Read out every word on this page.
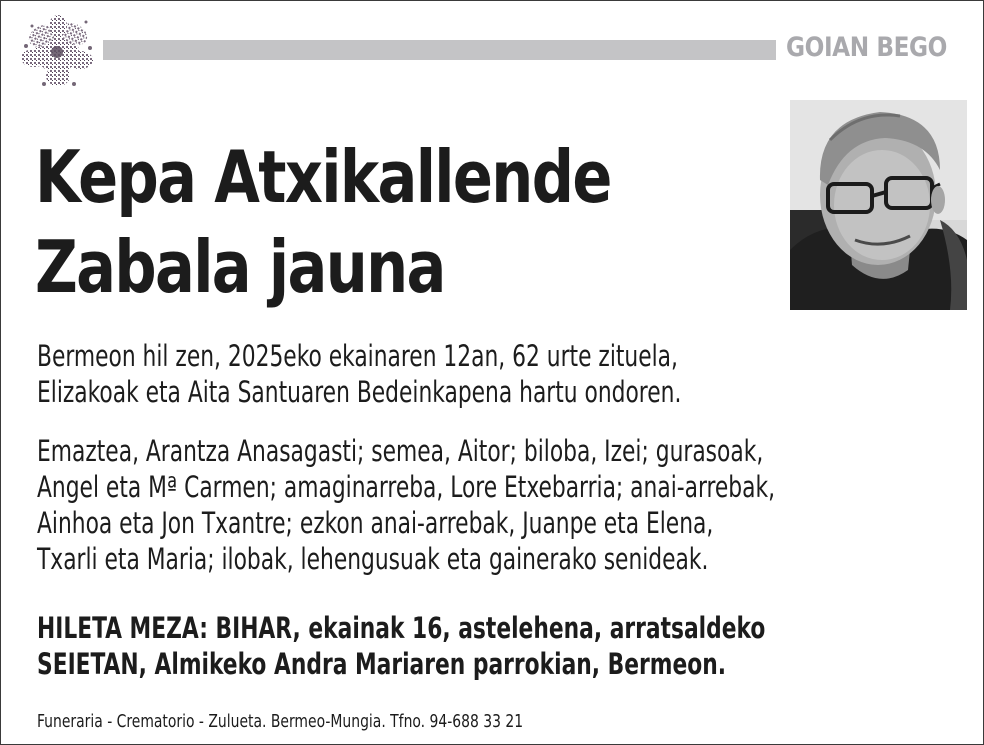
GOIAN BEGO
Kepa Atxikallende
Zabala jauna
Bermeon hil zen, 2025eko ekainaren 12an, 62 urte zituela,
Elizakoak eta Aita Santuaren Bedeinkapena hartu ondoren.
Emaztea, Arantza Anasagasti; semea, Aitor; biloba, Izei; gurasoak,
Angel eta Mª Carmen; amaginarreba, Lore Etxebarria; anai-arrebak,
Ainhoa eta Jon Txantre; ezkon anai-arrebak, Juanpe eta Elena,
Txarli eta Maria; ilobak, lehengusuak eta gainerako senideak.
HILETA MEZA: BIHAR, ekainak 16, astelehena, arratsaldeko
SEIETAN, Almikeko Andra Mariaren parrokian, Bermeon.
Funeraria - Crematorio - Zulueta. Bermeo-Mungia. Tfno. 94-688 33 21
